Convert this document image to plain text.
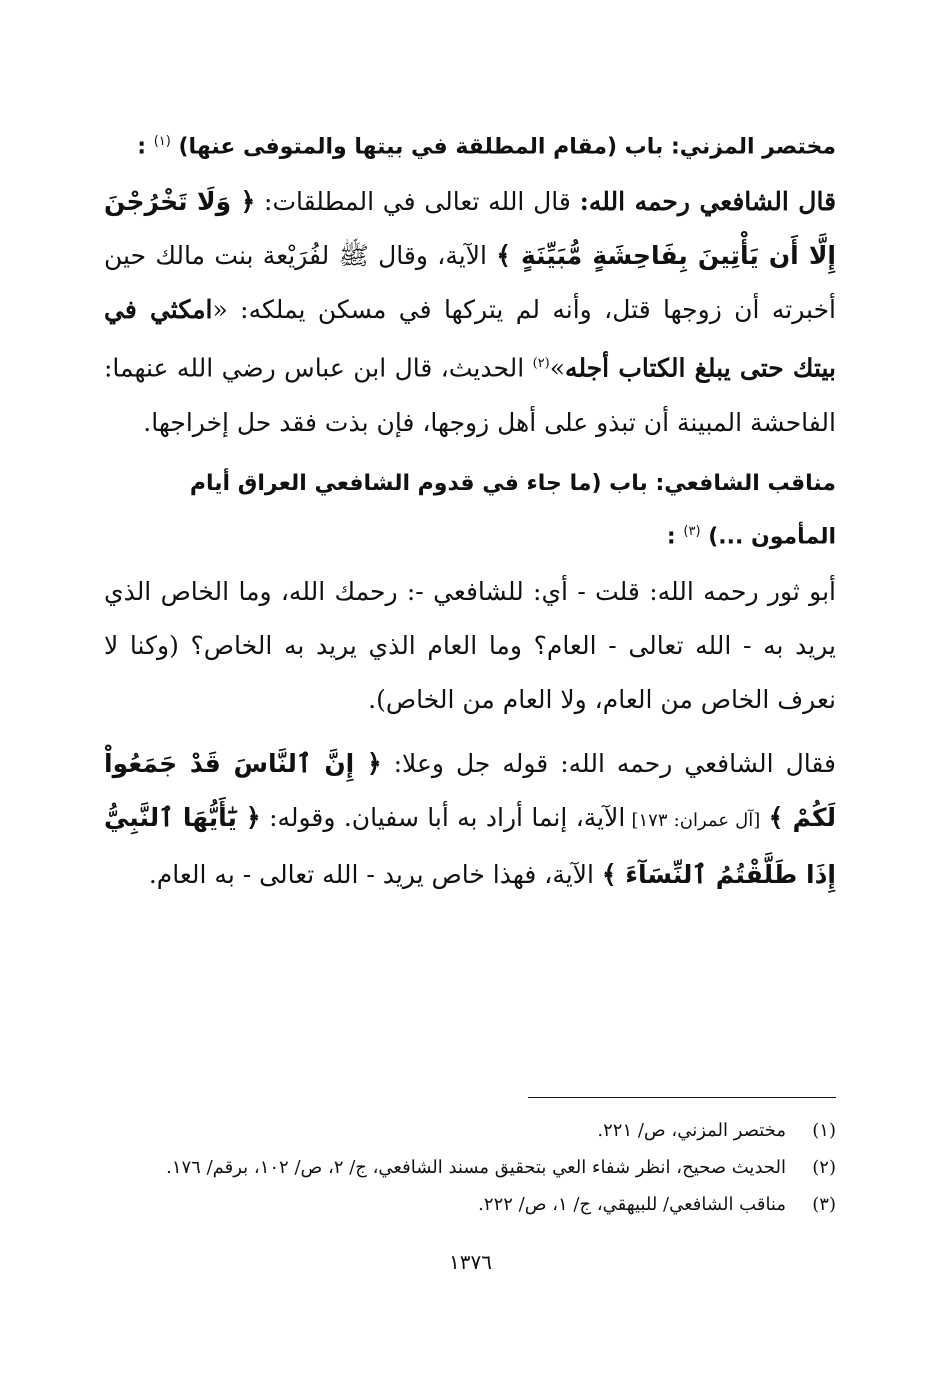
مختصر المزني: باب (مقام المطلقة في بيتها والمتوفى عنها) $^{(١)}$ :

قال الشافعي رحمه الله: قال الله تعالى في المطلقات: ﴿ وَلَا تَخْرُجْنَ إِلَّا أَن يَأْتِينَ بِفَاحِشَةٍ مُّبَيِّنَةٍ ﴾ الآية، وقال ﷺ لفُرَيْعة بنت مالك حين أخبرته أن زوجها قتل، وأنه لم يتركها في مسكن يملكه: «امكثي في بيتك حتى يبلغ الكتاب أجله»$^{(٢)}$ الحديث، قال ابن عباس رضي الله عنهما: الفاحشة المبينة أن تبذو على أهل زوجها، فإن بذت فقد حل إخراجها.

مناقب الشافعي: باب (ما جاء في قدوم الشافعي العراق أيام المأمون ...) $^{(٣)}$ :

أبو ثور رحمه الله: قلت - أي: للشافعي -: رحمك الله، وما الخاص الذي يريد به - الله تعالى - العام؟ وما العام الذي يريد به الخاص؟ (وكنا لا نعرف الخاص من العام، ولا العام من الخاص).

فقال الشافعي رحمه الله: قوله جل وعلا: ﴿ إِنَّ ٱلنَّاسَ قَدْ جَمَعُواْ لَكُمْ ﴾ [آل عمران: ١٧٣] الآية، إنما أراد به أبا سفيان. وقوله: ﴿ يَٰٓأَيُّهَا ٱلنَّبِيُّ إِذَا طَلَّقْتُمُ ٱلنِّسَآءَ ﴾ الآية، فهذا خاص يريد - الله تعالى - به العام.

(١)
مختصر المزني، ص/ ٢٢١.
(٢)
الحديث صحيح، انظر شفاء العي بتحقيق مسند الشافعي، ج/ ٢، ص/ ١٠٢، برقم/ ١٧٦.
(٣)
مناقب الشافعي/ للبيهقي، ج/ ١، ص/ ٢٢٢.
١٣٧٦
